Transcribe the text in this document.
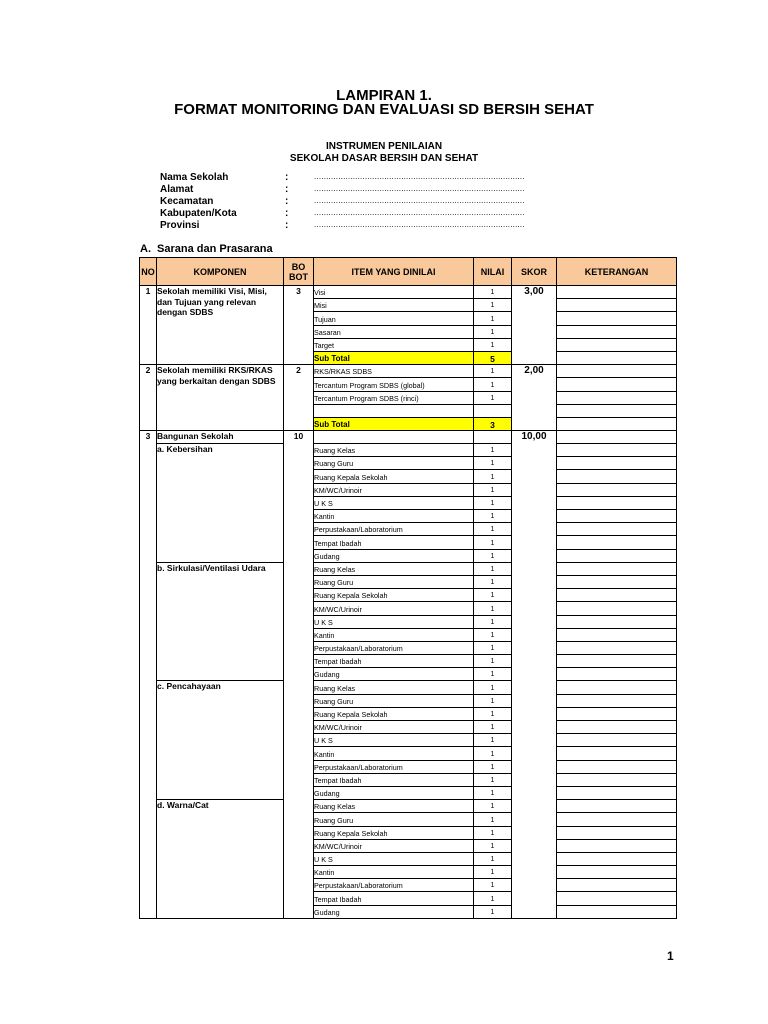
LAMPIRAN 1.
FORMAT MONITORING DAN EVALUASI SD BERSIH SEHAT
INSTRUMEN PENILAIAN
SEKOLAH DASAR BERSIH DAN SEHAT
Nama Sekolah	:	.......................................................................................
Alamat	:	.......................................................................................
Kecamatan	:	.......................................................................................
Kabupaten/Kota	:	.......................................................................................
Provinsi	:	.......................................................................................
A. Sarana dan Prasarana
NO	KOMPONEN	BO
BOT	ITEM YANG DINILAI	NILAI	SKOR	KETERANGAN
1	Sekolah memiliki Visi, Misi, dan Tujuan yang relevan dengan SDBS	3	Visi	1	3,00	
			Misi	1		
			Tujuan	1		
			Sasaran	1		
			Target	1		
			Sub Total	5		
2	Sekolah memiliki RKS/RKAS yang berkaitan dengan SDBS	2	RKS/RKAS SDBS	1	2,00	
			Tercantum Program SDBS (global)	1		
			Tercantum Program SDBS (rinci)	1		

			Sub Total	3		
3	Bangunan Sekolah	10			10,00	
	a. Kebersihan		Ruang Kelas	1		
			Ruang Guru	1		
			Ruang Kepala Sekolah	1		
			KM/WC/Urinoir	1		
			U K S	1		
			Kantin	1		
			Perpustakaan/Laboratorium	1		
			Tempat Ibadah	1		
			Gudang	1		
	b. Sirkulasi/Ventilasi Udara		Ruang Kelas	1		
			Ruang Guru	1		
			Ruang Kepala Sekolah	1		
			KM/WC/Urinoir	1		
			U K S	1		
			Kantin	1		
			Perpustakaan/Laboratorium	1		
			Tempat Ibadah	1		
			Gudang	1		
	c. Pencahayaan		Ruang Kelas	1		
			Ruang Guru	1		
			Ruang Kepala Sekolah	1		
			KM/WC/Urinoir	1		
			U K S	1		
			Kantin	1		
			Perpustakaan/Laboratorium	1		
			Tempat Ibadah	1		
			Gudang	1		
	d. Warna/Cat		Ruang Kelas	1		
			Ruang Guru	1		
			Ruang Kepala Sekolah	1		
			KM/WC/Urinoir	1		
			U K S	1		
			Kantin	1		
			Perpustakaan/Laboratorium	1		
			Tempat Ibadah	1		
			Gudang	1		
1
